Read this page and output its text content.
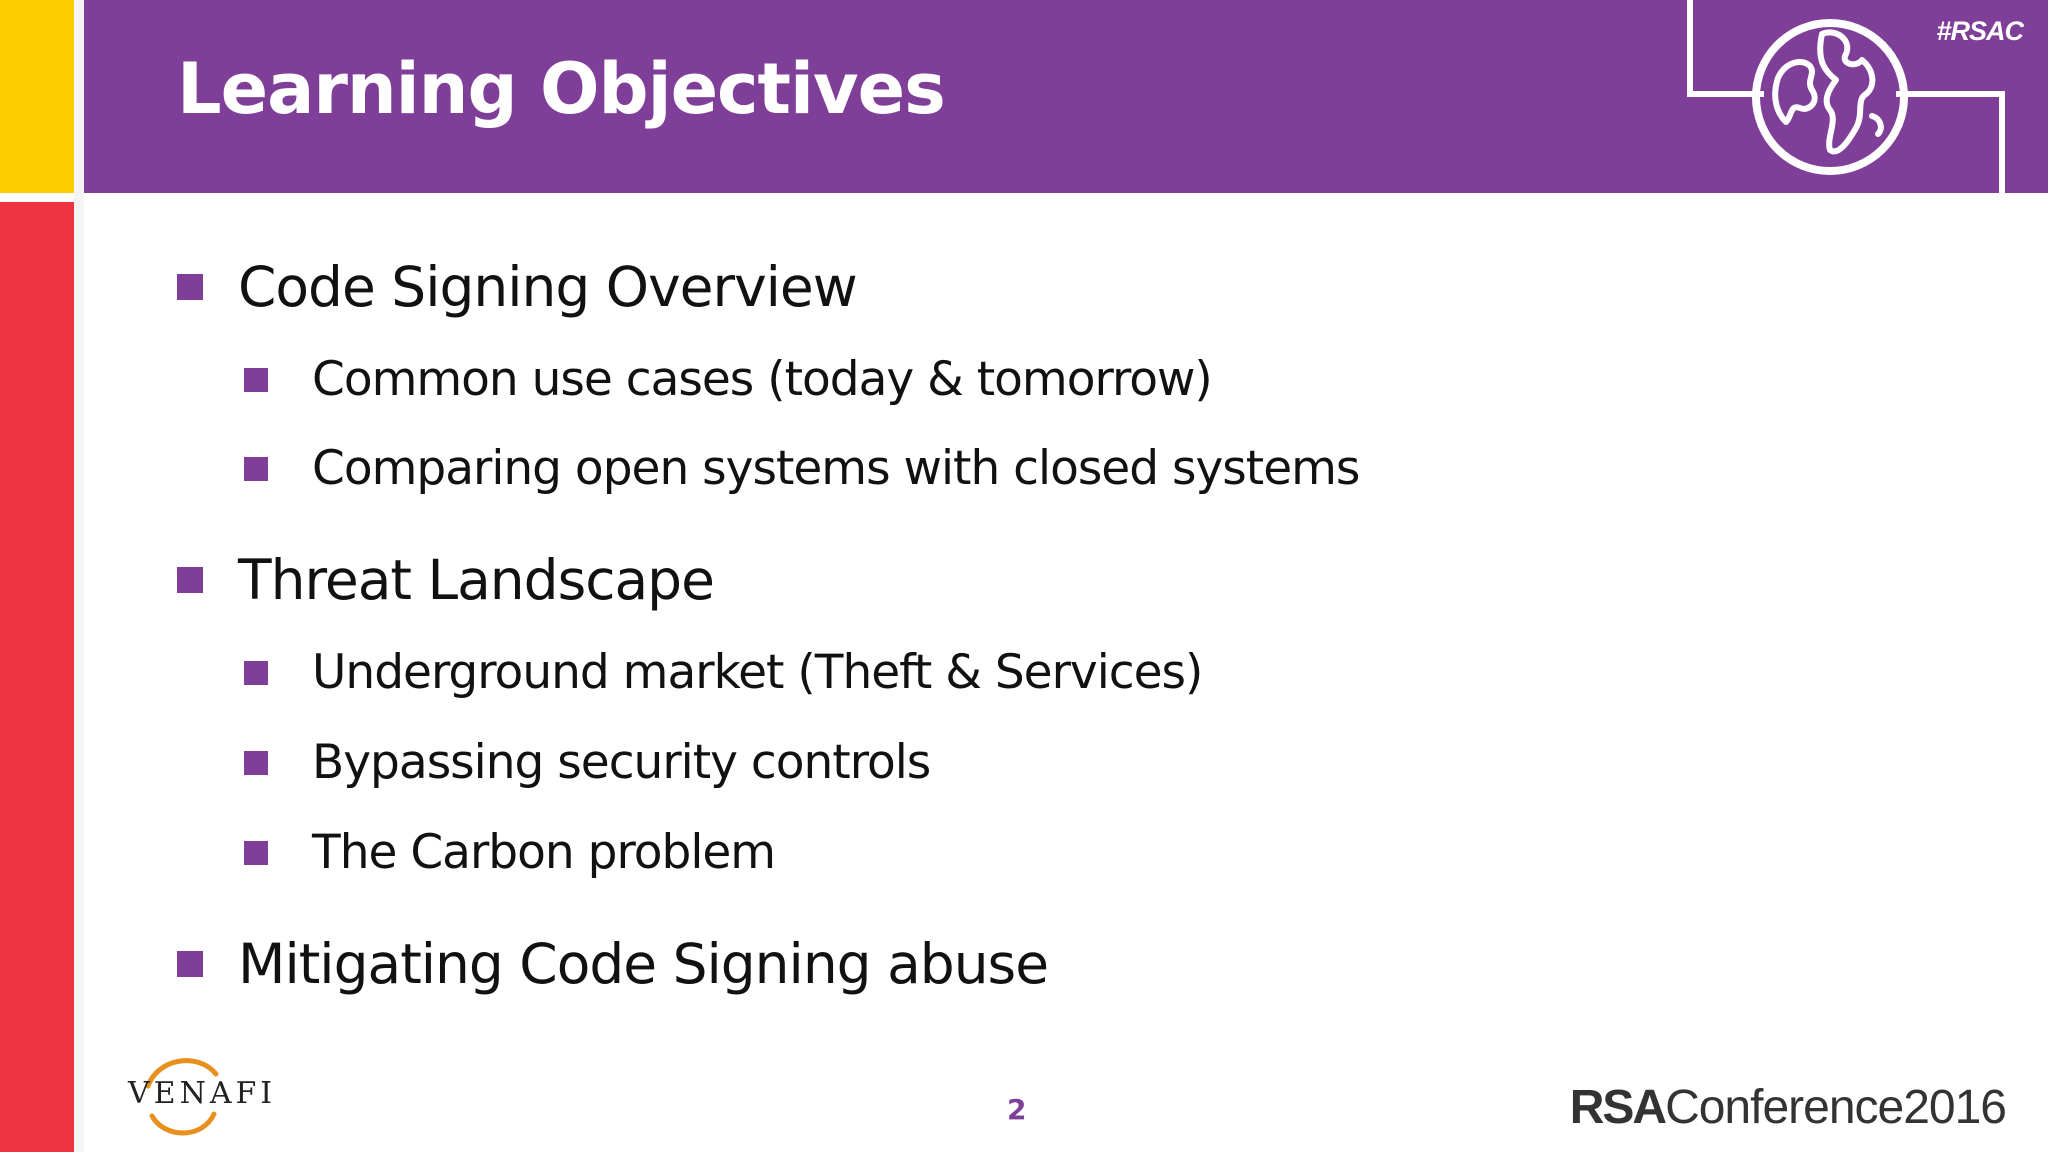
Learning Objectives
#RSAC
Code Signing Overview
Common use cases (today & tomorrow)
Comparing open systems with closed systems
Threat Landscape
Underground market (Theft & Services)
Bypassing security controls
The Carbon problem
Mitigating Code Signing abuse
VENAFI	2	RSAConference2016
